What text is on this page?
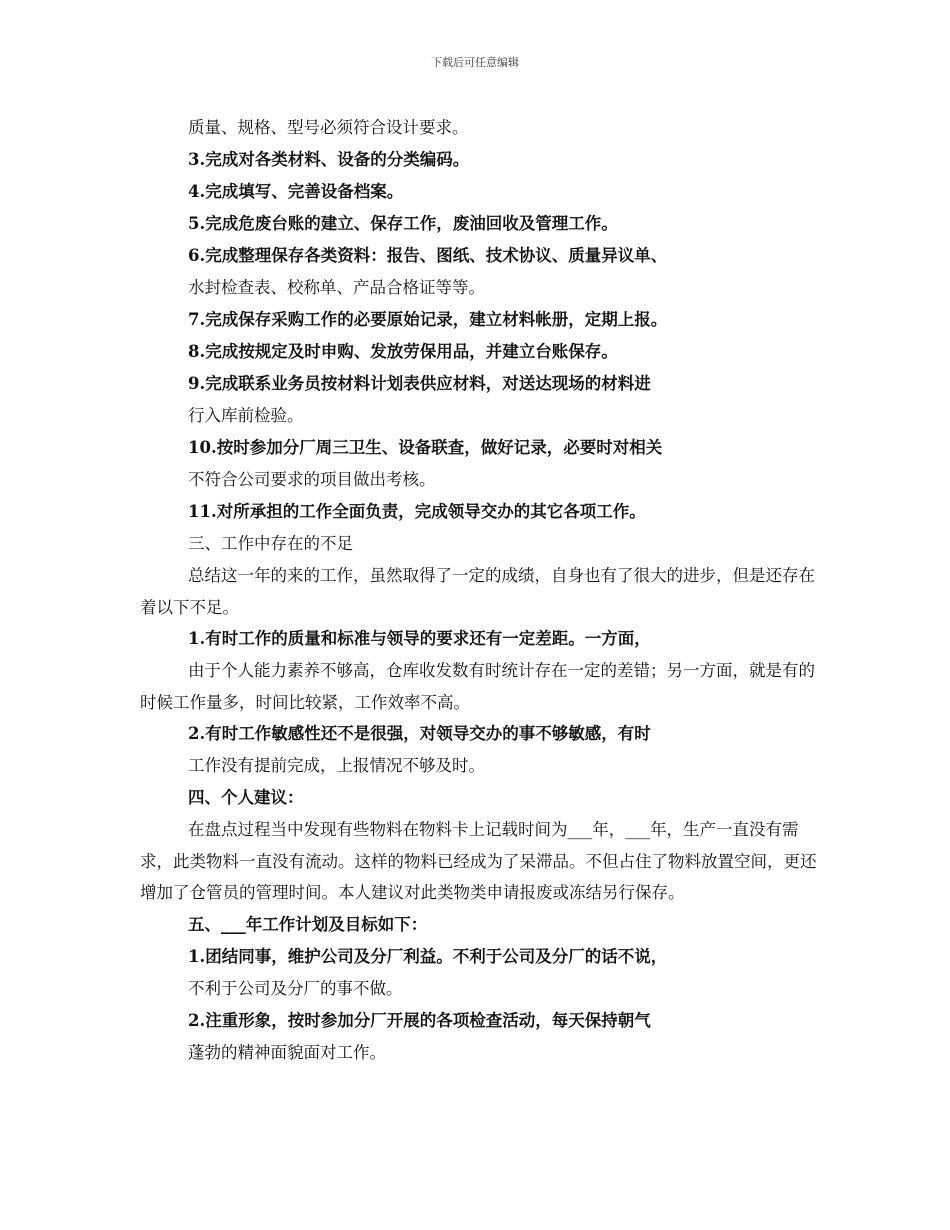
下载后可任意编辑
质量、规格、型号必须符合设计要求。
3.完成对各类材料、设备的分类编码。
4.完成填写、完善设备档案。
5.完成危废台账的建立、保存工作，废油回收及管理工作。
6.完成整理保存各类资料：报告、图纸、技术协议、质量异议单、
水封检查表、校称单、产品合格证等等。
7.完成保存采购工作的必要原始记录，建立材料帐册，定期上报。
8.完成按规定及时申购、发放劳保用品，并建立台账保存。
9.完成联系业务员按材料计划表供应材料，对送达现场的材料进
行入库前检验。
10.按时参加分厂周三卫生、设备联查，做好记录，必要时对相关
不符合公司要求的项目做出考核。
11.对所承担的工作全面负责，完成领导交办的其它各项工作。
三、工作中存在的不足
总结这一年的来的工作，虽然取得了一定的成绩，自身也有了很大的进步，但是还存在着以下不足。
1.有时工作的质量和标准与领导的要求还有一定差距。一方面，
由于个人能力素养不够高，仓库收发数有时统计存在一定的差错；另一方面，就是有的时候工作量多，时间比较紧，工作效率不高。
2.有时工作敏感性还不是很强，对领导交办的事不够敏感，有时
工作没有提前完成，上报情况不够及时。
四、个人建议：
在盘点过程当中发现有些物料在物料卡上记载时间为___年，___年，生产一直没有需求，此类物料一直没有流动。这样的物料已经成为了呆滞品。不但占住了物料放置空间，更还增加了仓管员的管理时间。本人建议对此类物类申请报废或冻结另行保存。
五、___年工作计划及目标如下：
1.团结同事，维护公司及分厂利益。不利于公司及分厂的话不说，
不利于公司及分厂的事不做。
2.注重形象，按时参加分厂开展的各项检查活动，每天保持朝气
蓬勃的精神面貌面对工作。
